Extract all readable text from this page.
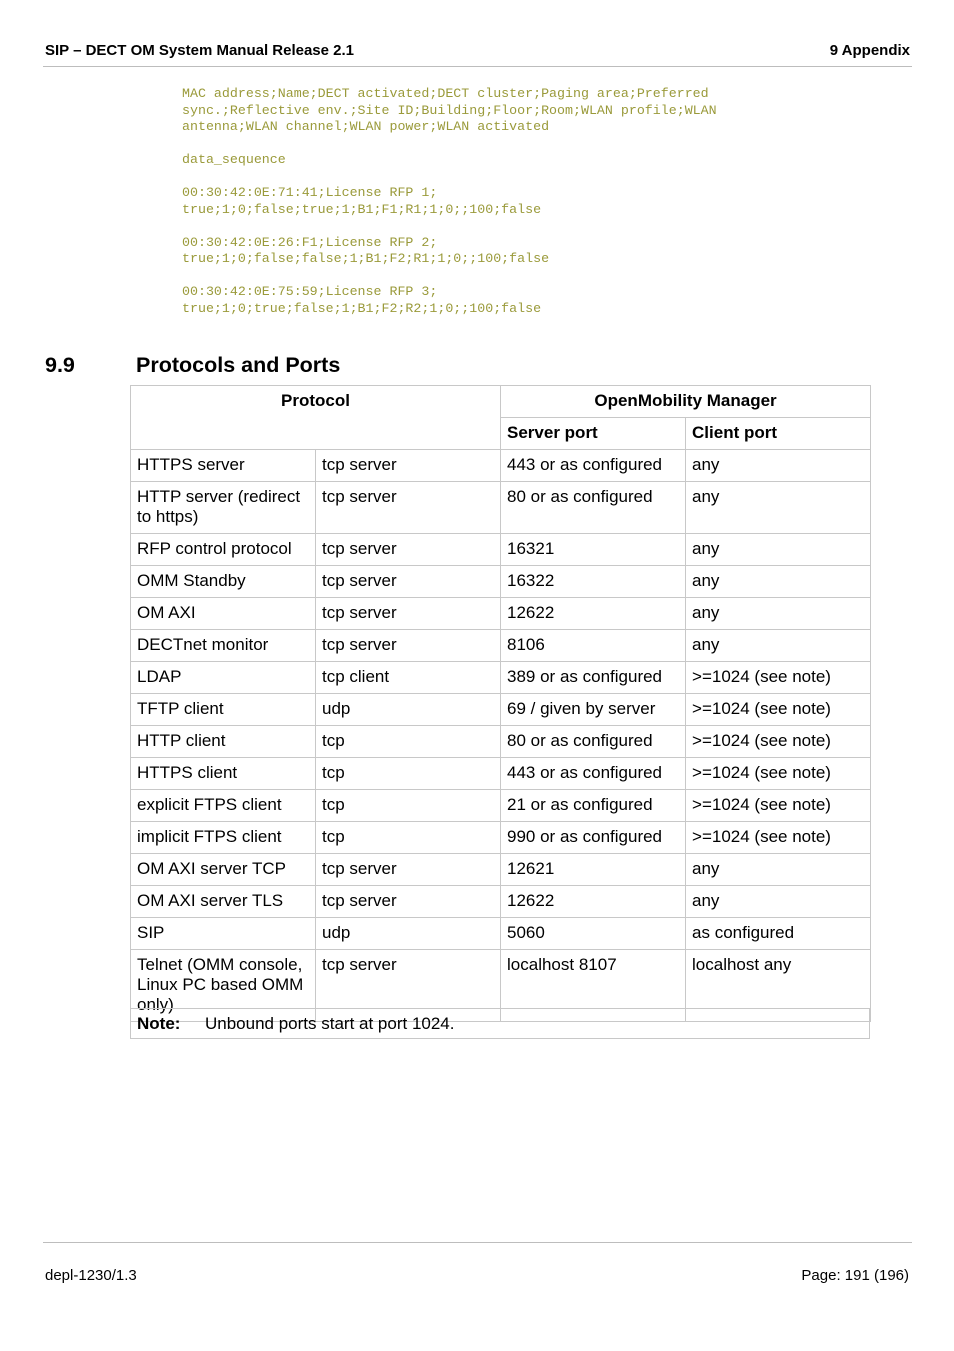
SIP – DECT OM System Manual Release 2.1	9 Appendix
MAC address;Name;DECT activated;DECT cluster;Paging area;Preferred
sync.;Reflective env.;Site ID;Building;Floor;Room;WLAN profile;WLAN
antenna;WLAN channel;WLAN power;WLAN activated
data_sequence
00:30:42:0E:71:41;License RFP 1;
true;1;0;false;true;1;B1;F1;R1;1;0;;100;false
00:30:42:0E:26:F1;License RFP 2;
true;1;0;false;false;1;B1;F2;R1;1;0;;100;false
00:30:42:0E:75:59;License RFP 3;
true;1;0;true;false;1;B1;F2;R2;1;0;;100;false
9.9	Protocols and Ports
Protocol		OpenMobility Manager	
		Server port	Client port
HTTPS server	tcp server	443 or as configured	any
HTTP server (redirect to https)	tcp server	80 or as configured	any
RFP control protocol	tcp server	16321	any
OMM Standby	tcp server	16322	any
OM AXI	tcp server	12622	any
DECTnet monitor	tcp server	8106	any
LDAP	tcp client	389 or as configured	>=1024 (see note)
TFTP client	udp	69 / given by server	>=1024 (see note)
HTTP client	tcp	80 or as configured	>=1024 (see note)
HTTPS client	tcp	443 or as configured	>=1024 (see note)
explicit FTPS client	tcp	21 or as configured	>=1024 (see note)
implicit FTPS client	tcp	990 or as configured	>=1024 (see note)
OM AXI server TCP	tcp server	12621	any
OM AXI server TLS	tcp server	12622	any
SIP	udp	5060	as configured
Telnet (OMM console, Linux PC based OMM only)	tcp server	localhost 8107	localhost any
Note:	Unbound ports start at port 1024.
depl-1230/1.3	Page: 191 (196)
